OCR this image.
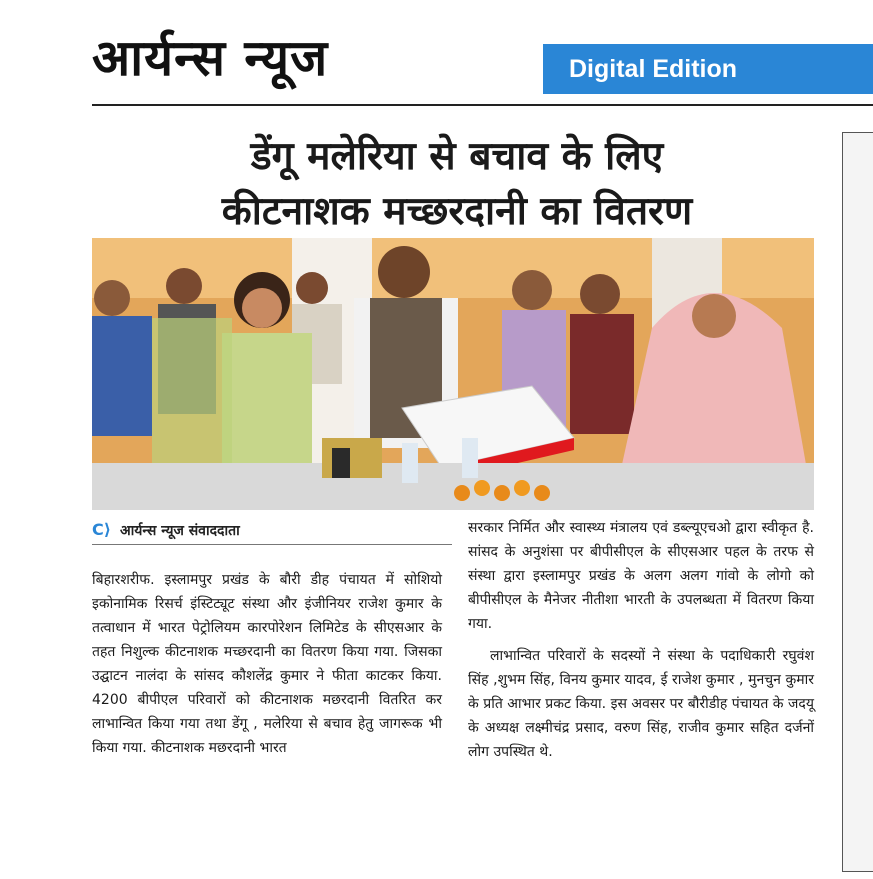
आर्यन्स न्यूज	Digital Edition
डेंगू मलेरिया से बचाव के लिए
कीटनाशक मच्छरदानी का वितरण
C⟩ आर्यन्स न्यूज संवाददाता

बिहारशरीफ. इस्लामपुर प्रखंड के बौरी डीह पंचायत में सोशियो इकोनामिक रिसर्च इंस्टिट्यूट संस्था और इंजीनियर राजेश कुमार के तत्वाधान में भारत पेट्रोलियम कारपोरेशन लिमिटेड के सीएसआर के तहत निशुल्क कीटनाशक मच्छरदानी का वितरण किया गया. जिसका उद्घाटन नालंदा के सांसद कौशलेंद्र कुमार ने फीता काटकर किया. 4200 बीपीएल परिवारों को कीटनाशक मछरदानी वितरित कर लाभान्वित किया गया तथा डेंगू , मलेरिया से बचाव हेतु जागरूक भी किया गया. कीटनाशक मछरदानी भारत

सरकार निर्मित और स्वास्थ्य मंत्रालय एवं डब्ल्यूएचओ द्वारा स्वीकृत है. सांसद के अनुशंसा पर बीपीसीएल के सीएसआर पहल के तरफ से संस्था द्वारा इस्लामपुर प्रखंड के अलग अलग गांवो के लोगो को बीपीसीएल के मैनेजर नीतीशा भारती के उपलब्धता में वितरण किया गया.

लाभान्वित परिवारों के सदस्यों ने संस्था के पदाधिकारी रघुवंश सिंह ,शुभम सिंह, विनय कुमार यादव, ई राजेश कुमार , मुनचुन कुमार के प्रति आभार प्रकट किया. इस अवसर पर बौरीडीह पंचायत के जदयू के अध्यक्ष लक्ष्मीचंद्र प्रसाद, वरुण सिंह, राजीव कुमार सहित दर्जनों लोग उपस्थित थे.
